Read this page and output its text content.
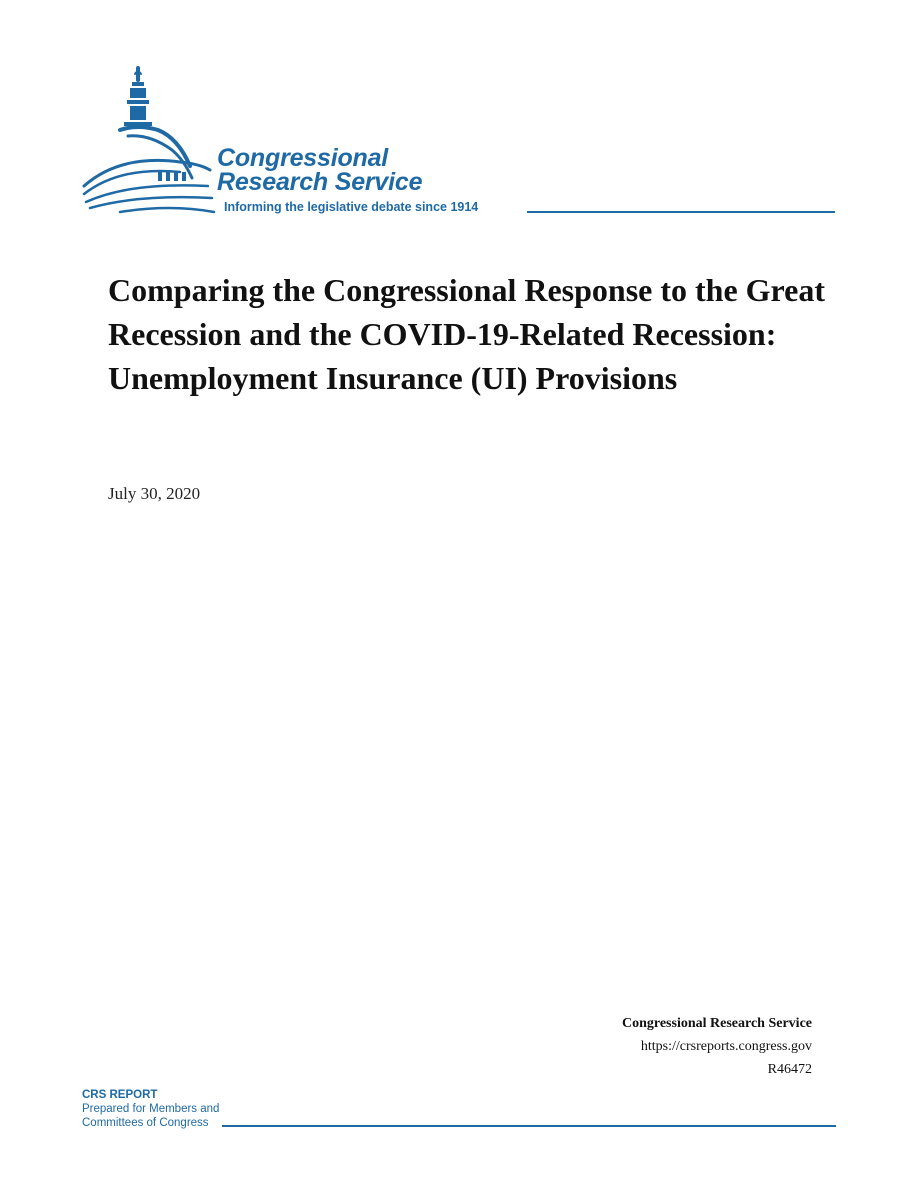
Congressional
Research Service
Informing the legislative debate since 1914
Comparing the Congressional Response to the Great Recession and the COVID-19-Related Recession: Unemployment Insurance (UI) Provisions
July 30, 2020
Congressional Research Service
https://crsreports.congress.gov
R46472
CRS REPORT
Prepared for Members and
Committees of Congress
